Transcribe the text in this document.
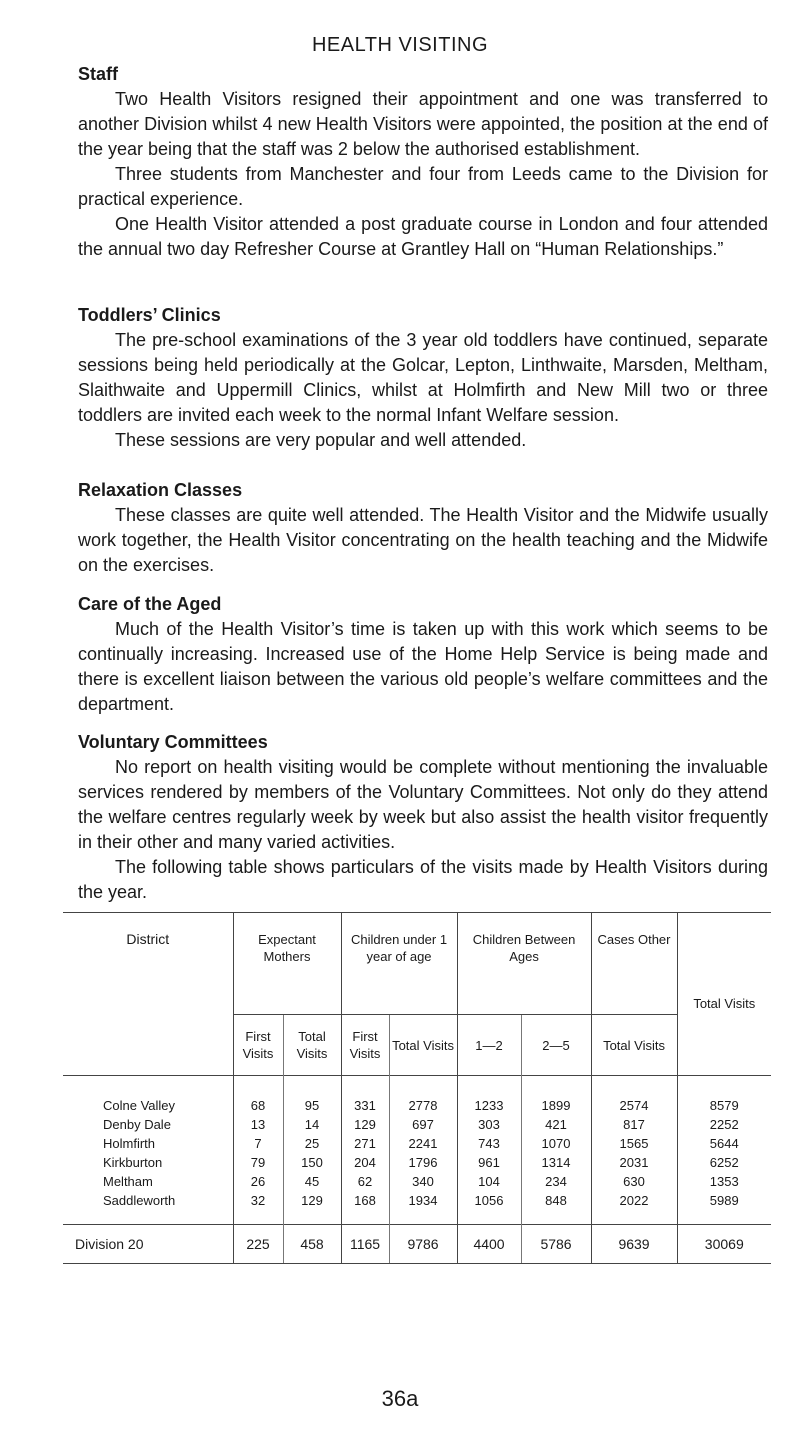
HEALTH VISITING

Staff

Two Health Visitors resigned their appointment and one was transferred to another Division whilst 4 new Health Visitors were appointed, the position at the end of the year being that the staff was 2 below the authorised establishment.

Three students from Manchester and four from Leeds came to the Division for practical experience.

One Health Visitor attended a post graduate course in London and four attended the annual two day Refresher Course at Grantley Hall on “Human Relationships.”

Toddlers’ Clinics

The pre-school examinations of the 3 year old toddlers have continued, separate sessions being held periodically at the Golcar, Lepton, Linthwaite, Marsden, Meltham, Slaithwaite and Uppermill Clinics, whilst at Holmfirth and New Mill two or three toddlers are invited each week to the normal Infant Welfare session.

These sessions are very popular and well attended.

Relaxation Classes

These classes are quite well attended. The Health Visitor and the Midwife usually work together, the Health Visitor concentrating on the health teaching and the Midwife on the exercises.

Care of the Aged

Much of the Health Visitor’s time is taken up with this work which seems to be continually increasing. Increased use of the Home Help Service is being made and there is excellent liaison between the various old people’s welfare committees and the department.

Voluntary Committees

No report on health visiting would be complete without mentioning the invaluable services rendered by members of the Voluntary Committees. Not only do they attend the welfare centres regularly week by week but also assist the health visitor frequently in their other and many varied activities.

The following table shows particulars of the visits made by Health Visitors during the year.

District	Expectant Mothers		Children under 1 year of age		Children Between Ages		Cases Other	Total Visits
	First Visits	Total Visits	First Visits	Total Visits	1—2	2—5	Total Visits	
Colne Valley	68	95	331	2778	1233	1899	2574	8579
Denby Dale	13	14	129	697	303	421	817	2252
Holmfirth	7	25	271	2241	743	1070	1565	5644
Kirkburton	79	150	204	1796	961	1314	2031	6252
Meltham	26	45	62	340	104	234	630	1353
Saddleworth	32	129	168	1934	1056	848	2022	5989
Division 20	225	458	1165	9786	4400	5786	9639	30069
36a
